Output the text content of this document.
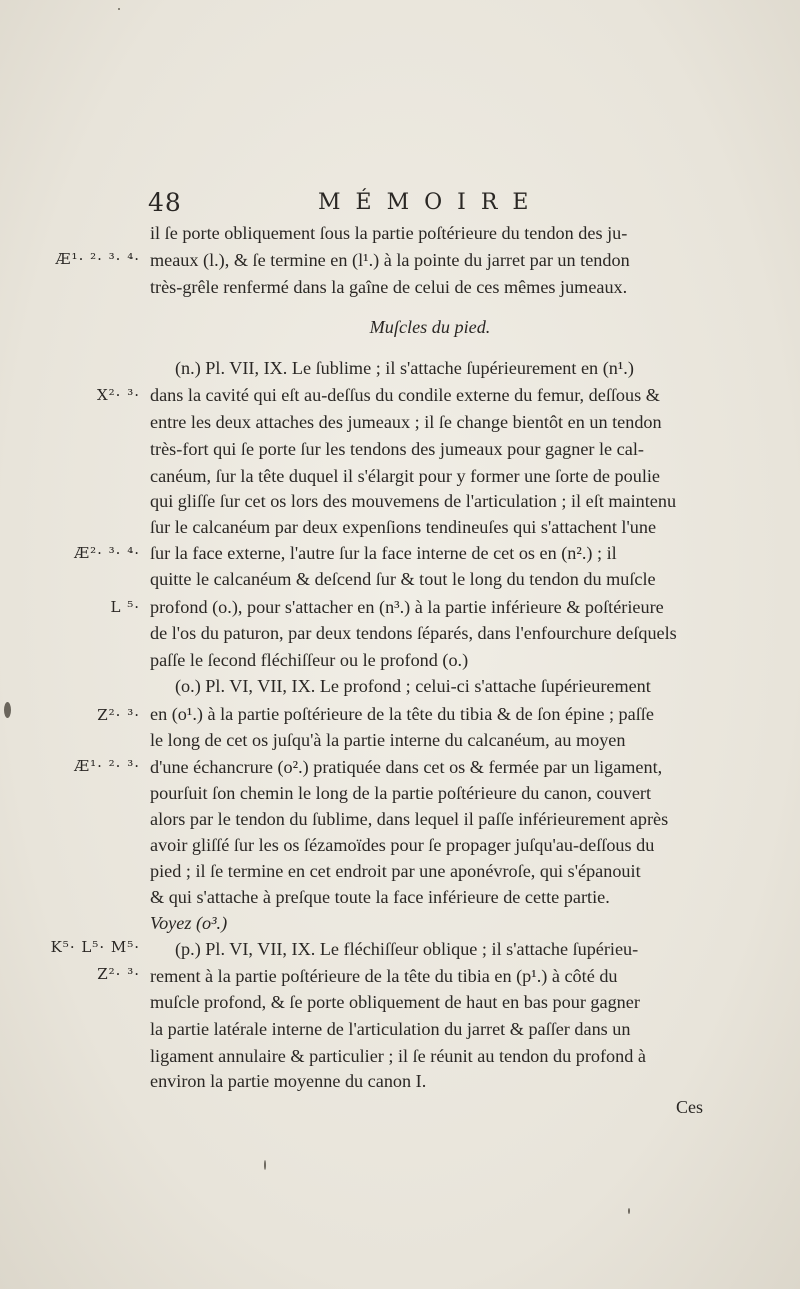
48	MÉMOIRE
Æ¹· ²· ³· ⁴·
X²· ³·
Æ²· ³· ⁴·
L ⁵·
Z²· ³·
Æ¹· ²· ³·
K⁵· L⁵· M⁵·
Z²· ³·
il ſe porte obliquement ſous la partie poſtérieure du tendon des ju-
meaux (l.), & ſe termine en (l¹.) à la pointe du jarret par un tendon
très-grêle renfermé dans la gaîne de celui de ces mêmes jumeaux.
Muſcles du pied.
(n.) Pl. VII, IX. Le ſublime ; il s'attache ſupérieurement en (n¹.)
dans la cavité qui eſt au-deſſus du condile externe du femur, deſſous &
entre les deux attaches des jumeaux ; il ſe change bientôt en un tendon
très-fort qui ſe porte ſur les tendons des jumeaux pour gagner le cal-
canéum, ſur la tête duquel il s'élargit pour y former une ſorte de poulie
qui gliſſe ſur cet os lors des mouvemens de l'articulation ; il eſt maintenu
ſur le calcanéum par deux expenſions tendineuſes qui s'attachent l'une
ſur la face externe, l'autre ſur la face interne de cet os en (n².) ; il
quitte le calcanéum & deſcend ſur & tout le long du tendon du muſcle
profond (o.), pour s'attacher en (n³.) à la partie inférieure & poſtérieure
de l'os du paturon, par deux tendons ſéparés, dans l'enfourchure deſquels
paſſe le ſecond fléchiſſeur ou le profond (o.)
(o.) Pl. VI, VII, IX. Le profond ; celui-ci s'attache ſupérieurement
en (o¹.) à la partie poſtérieure de la tête du tibia & de ſon épine ; paſſe
le long de cet os juſqu'à la partie interne du calcanéum, au moyen
d'une échancrure (o².) pratiquée dans cet os & fermée par un ligament,
pourſuit ſon chemin le long de la partie poſtérieure du canon, couvert
alors par le tendon du ſublime, dans lequel il paſſe inférieurement après
avoir gliſſé ſur les os ſézamoïdes pour ſe propager juſqu'au-deſſous du
pied ; il ſe termine en cet endroit par une aponévroſe, qui s'épanouit
& qui s'attache à preſque toute la face inférieure de cette partie.
Voyez (o³.)
(p.) Pl. VI, VII, IX. Le fléchiſſeur oblique ; il s'attache ſupérieu-
rement à la partie poſtérieure de la tête du tibia en (p¹.) à côté du
muſcle profond, & ſe porte obliquement de haut en bas pour gagner
la partie latérale interne de l'articulation du jarret & paſſer dans un
ligament annulaire & particulier ; il ſe réunit au tendon du profond à
environ la partie moyenne du canon I.
Ces
